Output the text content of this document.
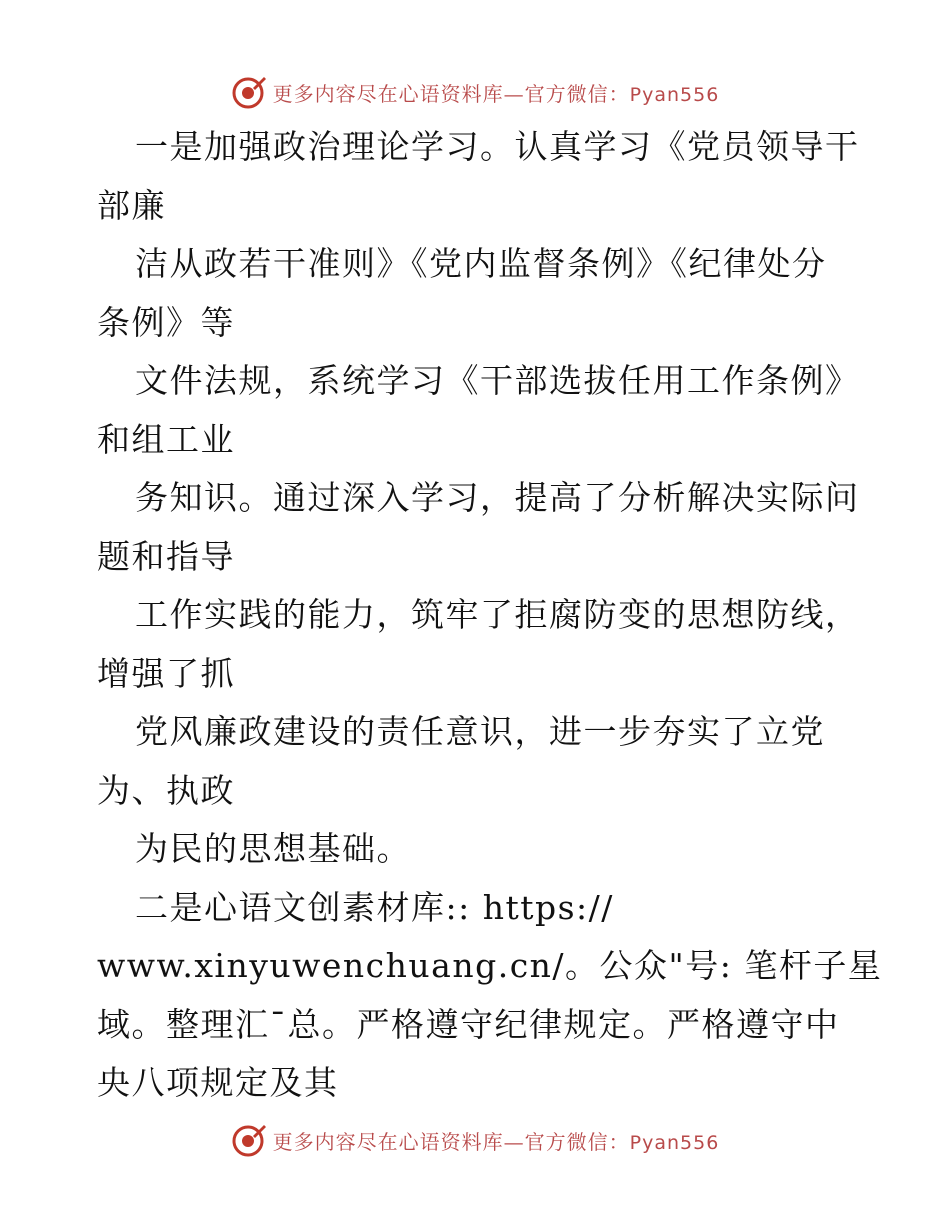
更多内容尽在心语资料库—官方微信：Pyan556
一是加强政治理论学习。认真学习《党员领导干
部廉
洁从政若干准则》《党内监督条例》《纪律处分
条例》等
文件法规，系统学习《干部选拔任用工作条例》
和组工业
务知识。通过深入学习，提高了分析解决实际问
题和指导
工作实践的能力，筑牢了拒腐防变的思想防线，
增强了抓
党风廉政建设的责任意识，进一步夯实了立党
为、执政
为民的思想基础。
二是心语文创素材库:: https://
www.xinyuwenchuang.cn/。公众"号: 笔杆子星
域。整理汇¯总。严格遵守纪律规定。严格遵守中
央八项规定及其
更多内容尽在心语资料库—官方微信：Pyan556
